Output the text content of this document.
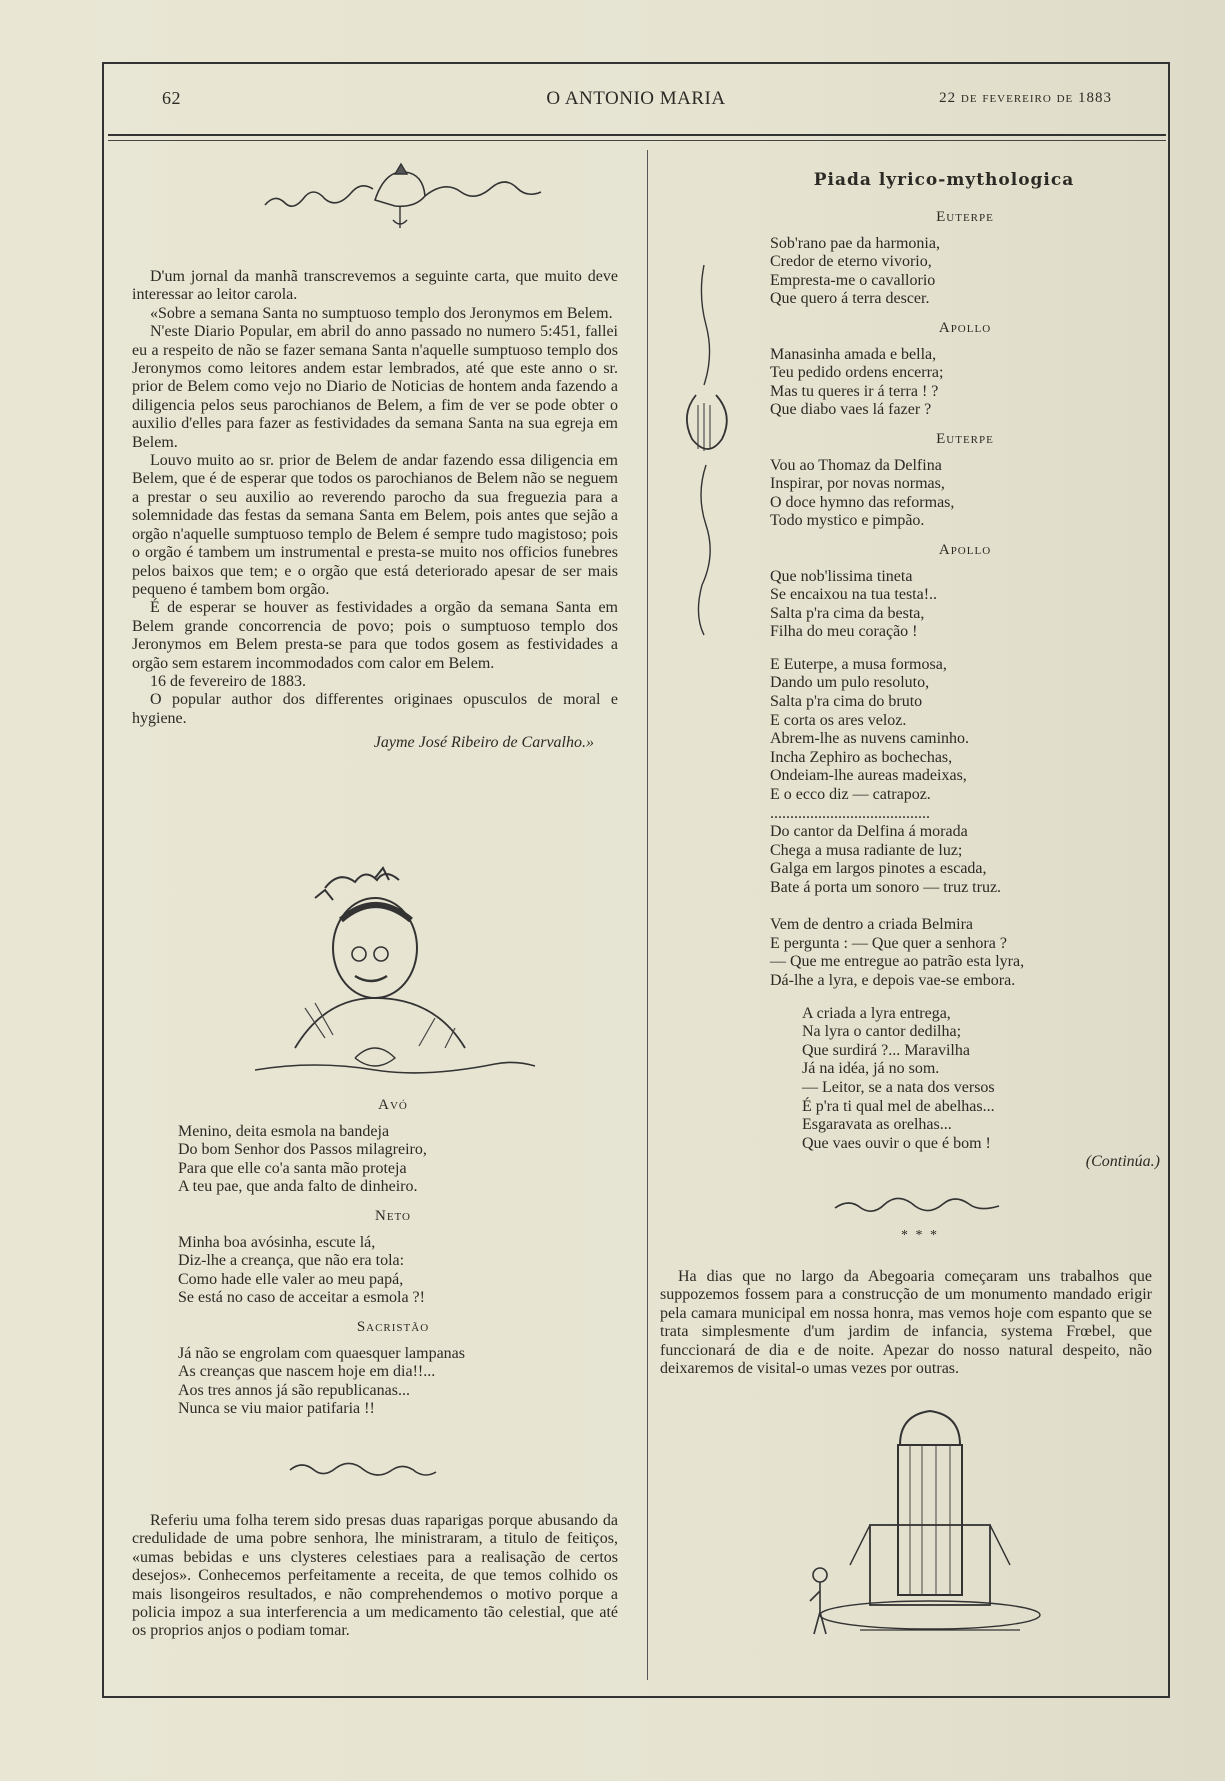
62	O ANTONIO MARIA	22 de fevereiro de 1883

D'um jornal da manhã transcrevemos a seguinte carta, que muito deve interessar ao leitor carola.

«Sobre a semana Santa no sumptuoso templo dos Jeronymos em Belem.

N'este Diario Popular, em abril do anno passado no numero 5:451, fallei eu a respeito de não se fazer semana Santa n'aquelle sumptuoso templo dos Jeronymos como leitores andem estar lembrados, até que este anno o sr. prior de Belem como vejo no Diario de Noticias de hontem anda fazendo a diligencia pelos seus parochianos de Belem, a fim de ver se pode obter o auxilio d'elles para fazer as festividades da semana Santa na sua egreja em Belem.

Louvo muito ao sr. prior de Belem de andar fazendo essa diligencia em Belem, que é de esperar que todos os parochianos de Belem não se neguem a prestar o seu auxilio ao reverendo parocho da sua freguezia para a solemnidade das festas da semana Santa em Belem, pois antes que sejão a orgão n'aquelle sumptuoso templo de Belem é sempre tudo magistoso; pois o orgão é tambem um instrumental e presta-se muito nos officios funebres pelos baixos que tem; e o orgão que está deteriorado apesar de ser mais pequeno é tambem bom orgão.

É de esperar se houver as festividades a orgão da semana Santa em Belem grande concorrencia de povo; pois o sumptuoso templo dos Jeronymos em Belem presta-se para que todos gosem as festividades a orgão sem estarem incommodados com calor em Belem.

16 de fevereiro de 1883.

O popular author dos differentes originaes opusculos de moral e hygiene.

Jayme José Ribeiro de Carvalho.»
Avó
Menino, deita esmola na bandeja
Do bom Senhor dos Passos milagreiro,
Para que elle co'a santa mão proteja
A teu pae, que anda falto de dinheiro.
Neto
Minha boa avósinha, escute lá,
Diz-lhe a creança, que não era tola:
Como hade elle valer ao meu papá,
Se está no caso de acceitar a esmola ?!
Sacristão
Já não se engrolam com quaesquer lampanas
As creanças que nascem hoje em dia!!...
Aos tres annos já são republicanas...
Nunca se viu maior patifaria !!

Referiu uma folha terem sido presas duas raparigas porque abusando da credulidade de uma pobre senhora, lhe ministraram, a titulo de feitiços, «umas bebidas e uns clysteres celestiaes para a realisação de certos desejos». Conhecemos perfeitamente a receita, de que temos colhido os mais lisongeiros resultados, e não comprehendemos o motivo porque a policia impoz a sua interferencia a um medicamento tão celestial, que até os proprios anjos o podiam tomar.

Piada lyrico-mythologica
Euterpe
Sob'rano pae da harmonia,
Credor de eterno vivorio,
Empresta-me o cavallorio
Que quero á terra descer.
Apollo
Manasinha amada e bella,
Teu pedido ordens encerra;
Mas tu queres ir á terra ! ?
Que diabo vaes lá fazer ?
Euterpe
Vou ao Thomaz da Delfina
Inspirar, por novas normas,
O doce hymno das reformas,
Todo mystico e pimpão.
Apollo
Que nob'lissima tineta
Se encaixou na tua testa!..
Salta p'ra cima da besta,
Filha do meu coração !
E Euterpe, a musa formosa,
Dando um pulo resoluto,
Salta p'ra cima do bruto
E corta os ares veloz.
Abrem-lhe as nuvens caminho.
Incha Zephiro as bochechas,
Ondeiam-lhe aureas madeixas,
E o ecco diz — catrapoz.
........................................
Do cantor da Delfina á morada
Chega a musa radiante de luz;
Galga em largos pinotes a escada,
Bate á porta um sonoro — truz truz.
Vem de dentro a criada Belmira
E pergunta : — Que quer a senhora ?
— Que me entregue ao patrão esta lyra,
Dá-lhe a lyra, e depois vae-se embora.
A criada a lyra entrega,
Na lyra o cantor dedilha;
Que surdirá ?... Maravilha
Já na idéa, já no som.
— Leitor, se a nata dos versos
É p'ra ti qual mel de abelhas...
Esgaravata as orelhas...
Que vaes ouvir o que é bom !
(Continúa.)
* * *

Ha dias que no largo da Abegoaria começaram uns trabalhos que suppozemos fossem para a construcção de um monumento mandado erigir pela camara municipal em nossa honra, mas vemos hoje com espanto que se trata simplesmente d'um jardim de infancia, systema Frœbel, que funccionará de dia e de noite. Apezar do nosso natural despeito, não deixaremos de visital-o umas vezes por outras.
